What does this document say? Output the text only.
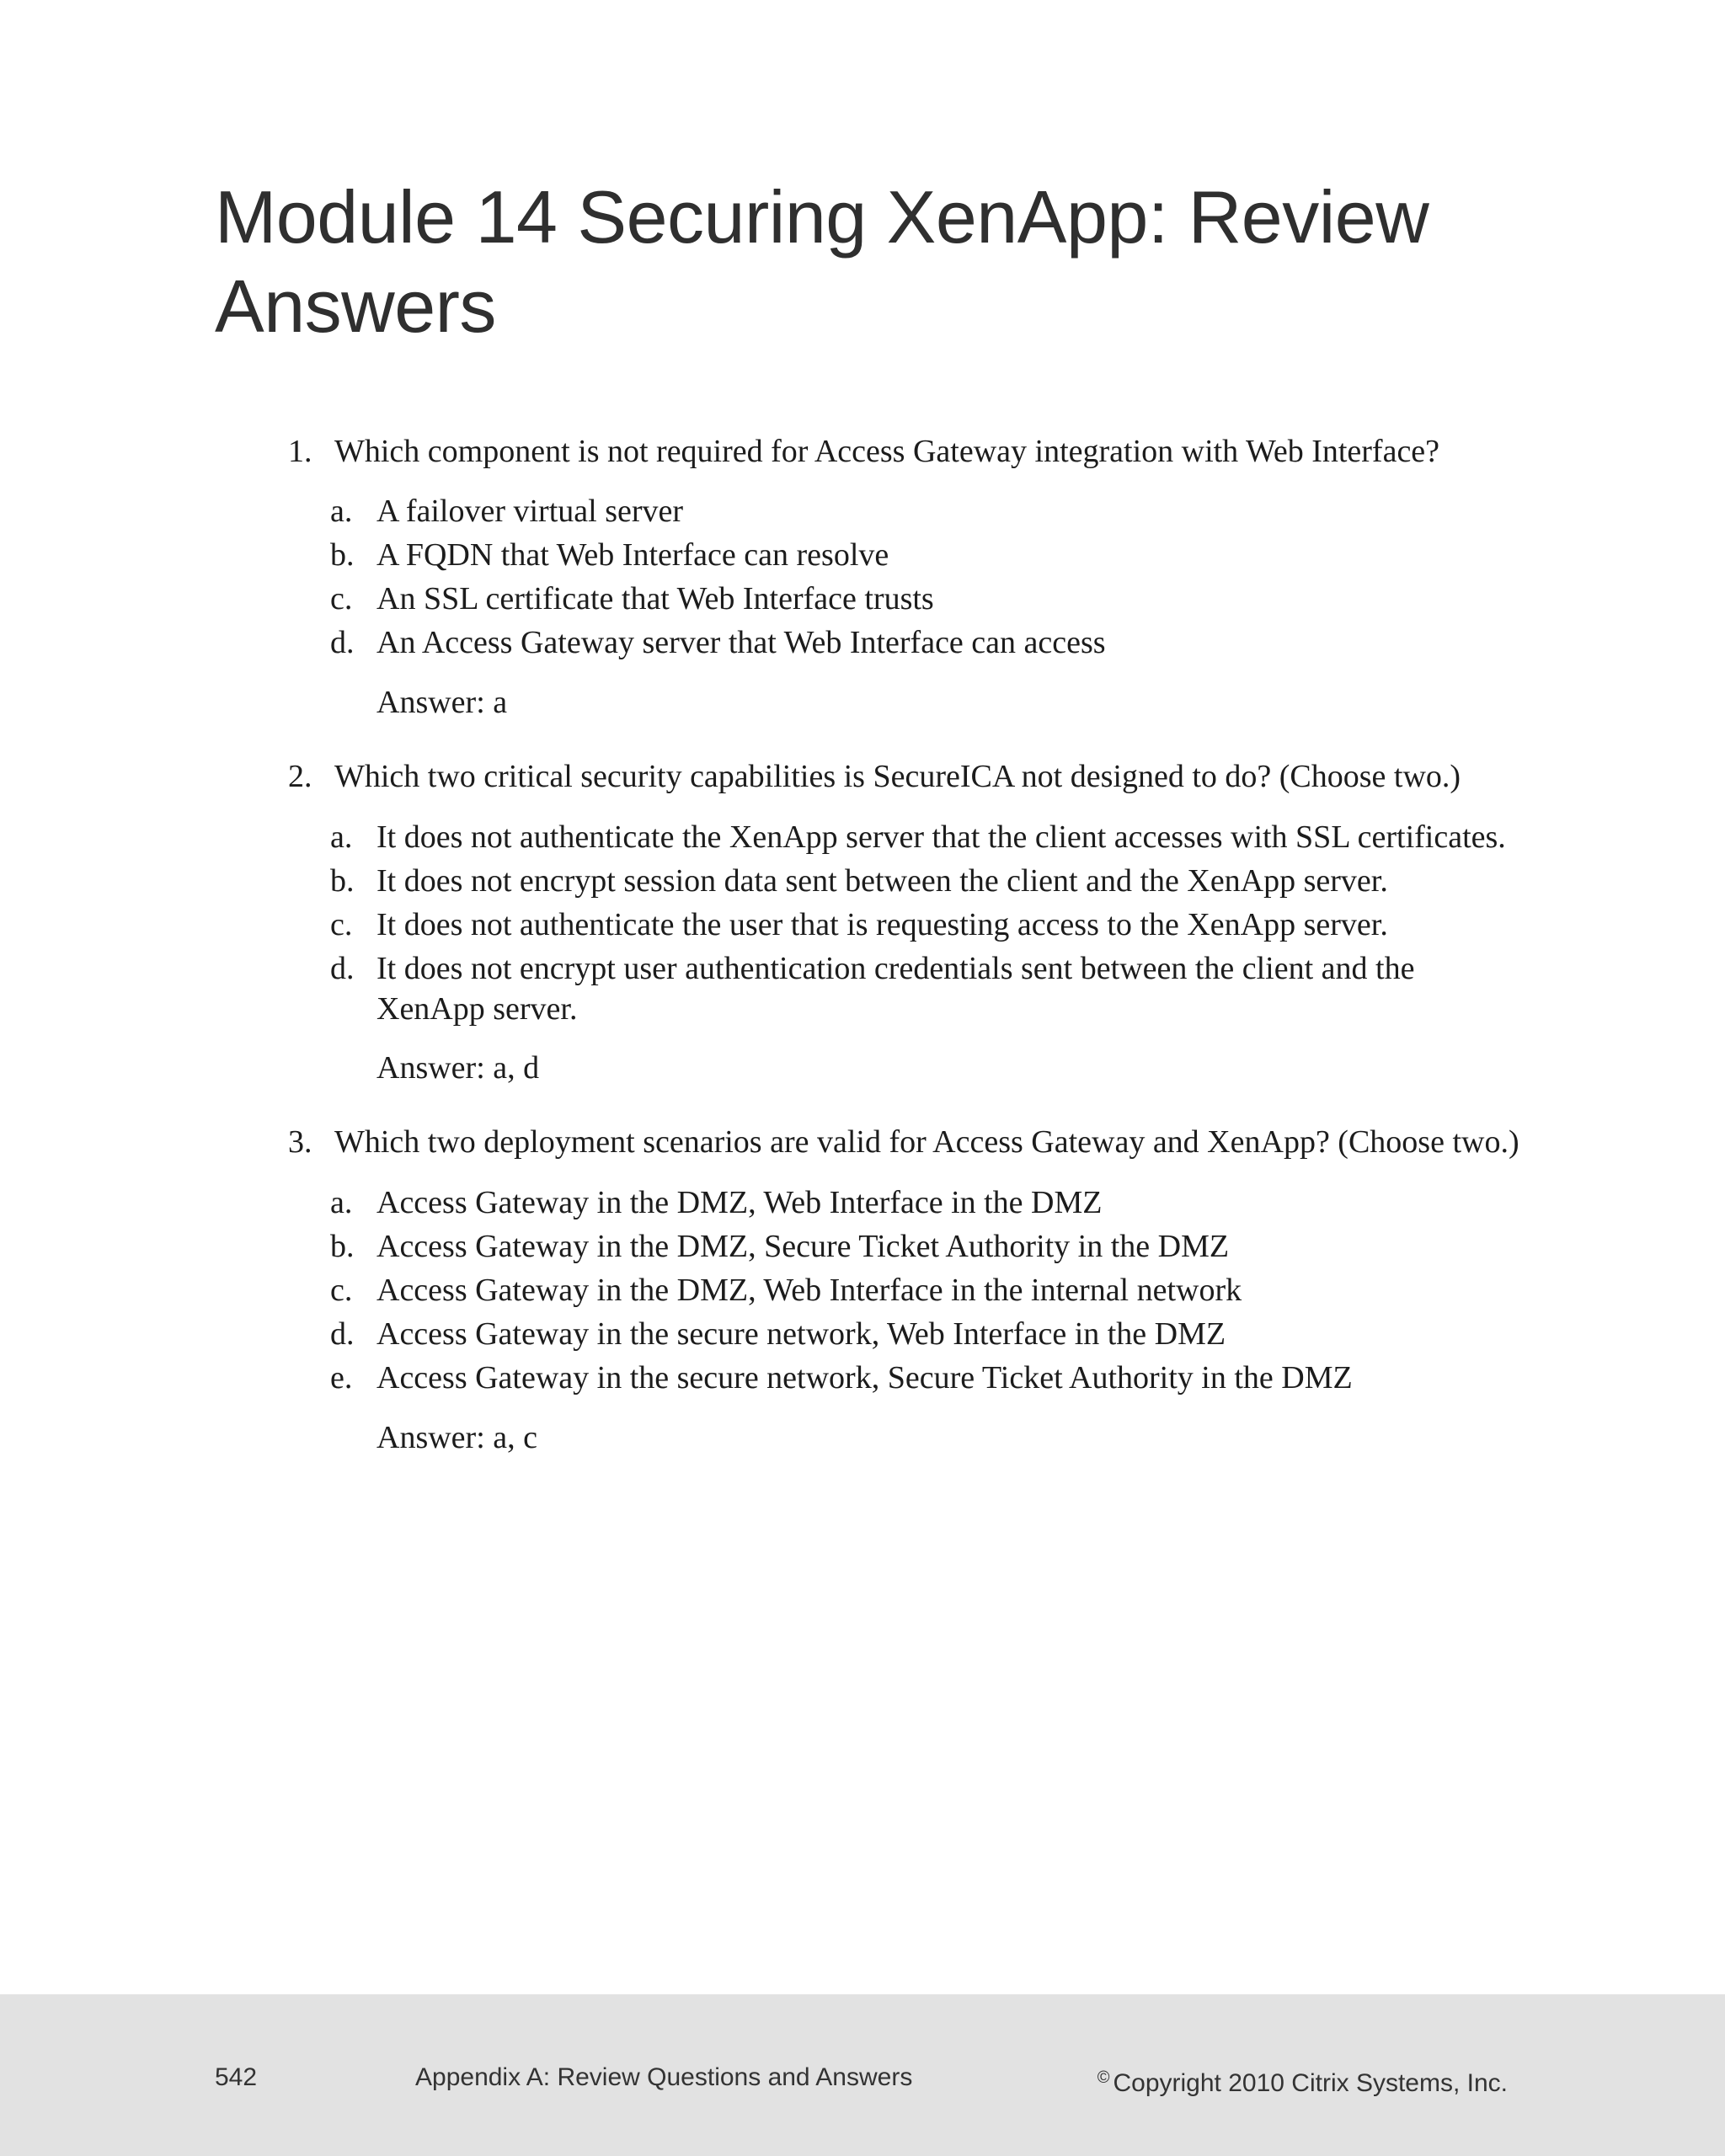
Module 14 Securing XenApp: Review Answers
1. Which component is not required for Access Gateway integration with Web Interface?
a. A failover virtual server
b. A FQDN that Web Interface can resolve
c. An SSL certificate that Web Interface trusts
d. An Access Gateway server that Web Interface can access
Answer: a
2. Which two critical security capabilities is SecureICA not designed to do? (Choose two.)
a. It does not authenticate the XenApp server that the client accesses with SSL certificates.
b. It does not encrypt session data sent between the client and the XenApp server.
c. It does not authenticate the user that is requesting access to the XenApp server.
d. It does not encrypt user authentication credentials sent between the client and the XenApp server.
Answer: a, d
3. Which two deployment scenarios are valid for Access Gateway and XenApp? (Choose two.)
a. Access Gateway in the DMZ, Web Interface in the DMZ
b. Access Gateway in the DMZ, Secure Ticket Authority in the DMZ
c. Access Gateway in the DMZ, Web Interface in the internal network
d. Access Gateway in the secure network, Web Interface in the DMZ
e. Access Gateway in the secure network, Secure Ticket Authority in the DMZ
Answer: a, c
542	Appendix A: Review Questions and Answers	© Copyright 2010 Citrix Systems, Inc.
